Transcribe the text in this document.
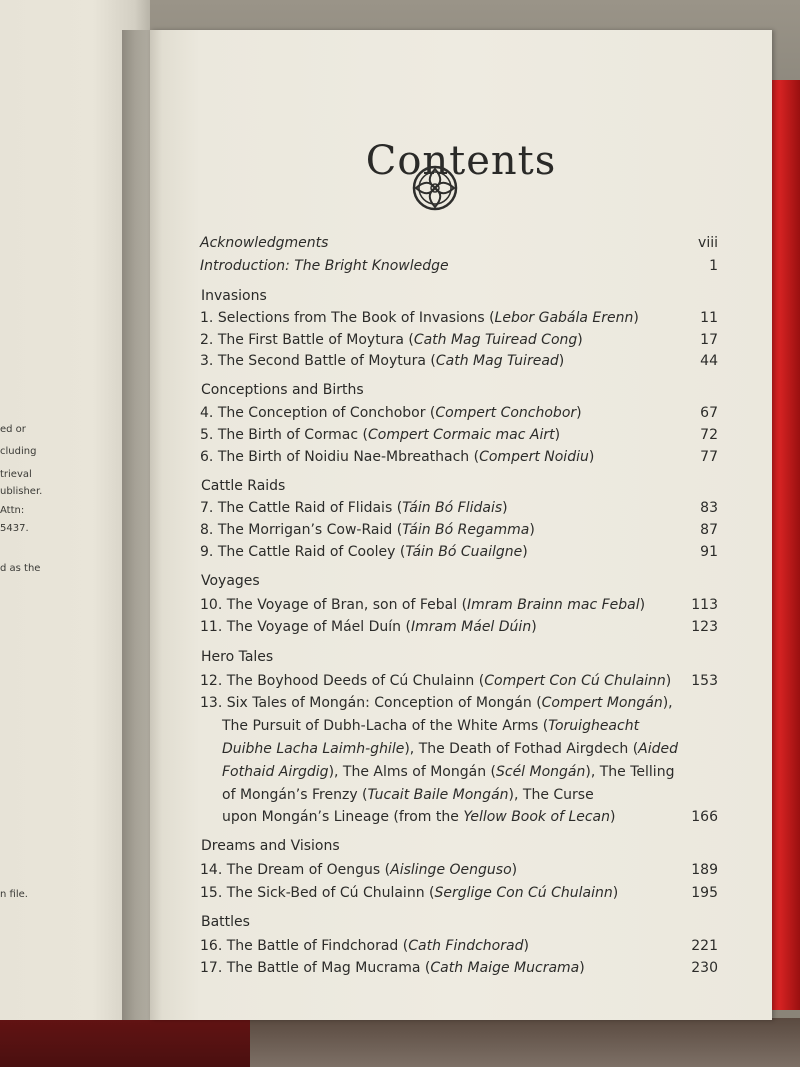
ed or
cluding
trieval
ublisher.
Attn:
5437.
d as the
n file.
Contents
Acknowledgments	viii
Introduction: The Bright Knowledge	1
Invasions
1. Selections from The Book of Invasions (Lebor Gabála Erenn)	11
2. The First Battle of Moytura (Cath Mag Tuiread Cong)	17
3. The Second Battle of Moytura (Cath Mag Tuiread)	44
Conceptions and Births
4. The Conception of Conchobor (Compert Conchobor)	67
5. The Birth of Cormac (Compert Cormaic mac Airt)	72
6. The Birth of Noidiu Nae-Mbreathach (Compert Noidiu)	77
Cattle Raids
7. The Cattle Raid of Flidais (Táin Bó Flidais)	83
8. The Morrigan’s Cow-Raid (Táin Bó Regamma)	87
9. The Cattle Raid of Cooley (Táin Bó Cuailgne)	91
Voyages
10. The Voyage of Bran, son of Febal (Imram Brainn mac Febal)	113
11. The Voyage of Máel Duín (Imram Máel Dúin)	123
Hero Tales
12. The Boyhood Deeds of Cú Chulainn (Compert Con Cú Chulainn) 153
13. Six Tales of Mongán: Conception of Mongán (Compert Mongán),
The Pursuit of Dubh-Lacha of the White Arms (Toruigheacht
Duibhe Lacha Laimh-ghile), The Death of Fothad Airgdech (Aided
Fothaid Airgdig), The Alms of Mongán (Scél Mongán), The Telling
of Mongán’s Frenzy (Tucait Baile Mongán), The Curse
upon Mongán’s Lineage (from the Yellow Book of Lecan)	166
Dreams and Visions
14. The Dream of Oengus (Aislinge Oenguso)	189
15. The Sick-Bed of Cú Chulainn (Serglige Con Cú Chulainn)	195
Battles
16. The Battle of Findchorad (Cath Findchorad)	221
17. The Battle of Mag Mucrama (Cath Maige Mucrama)	230
